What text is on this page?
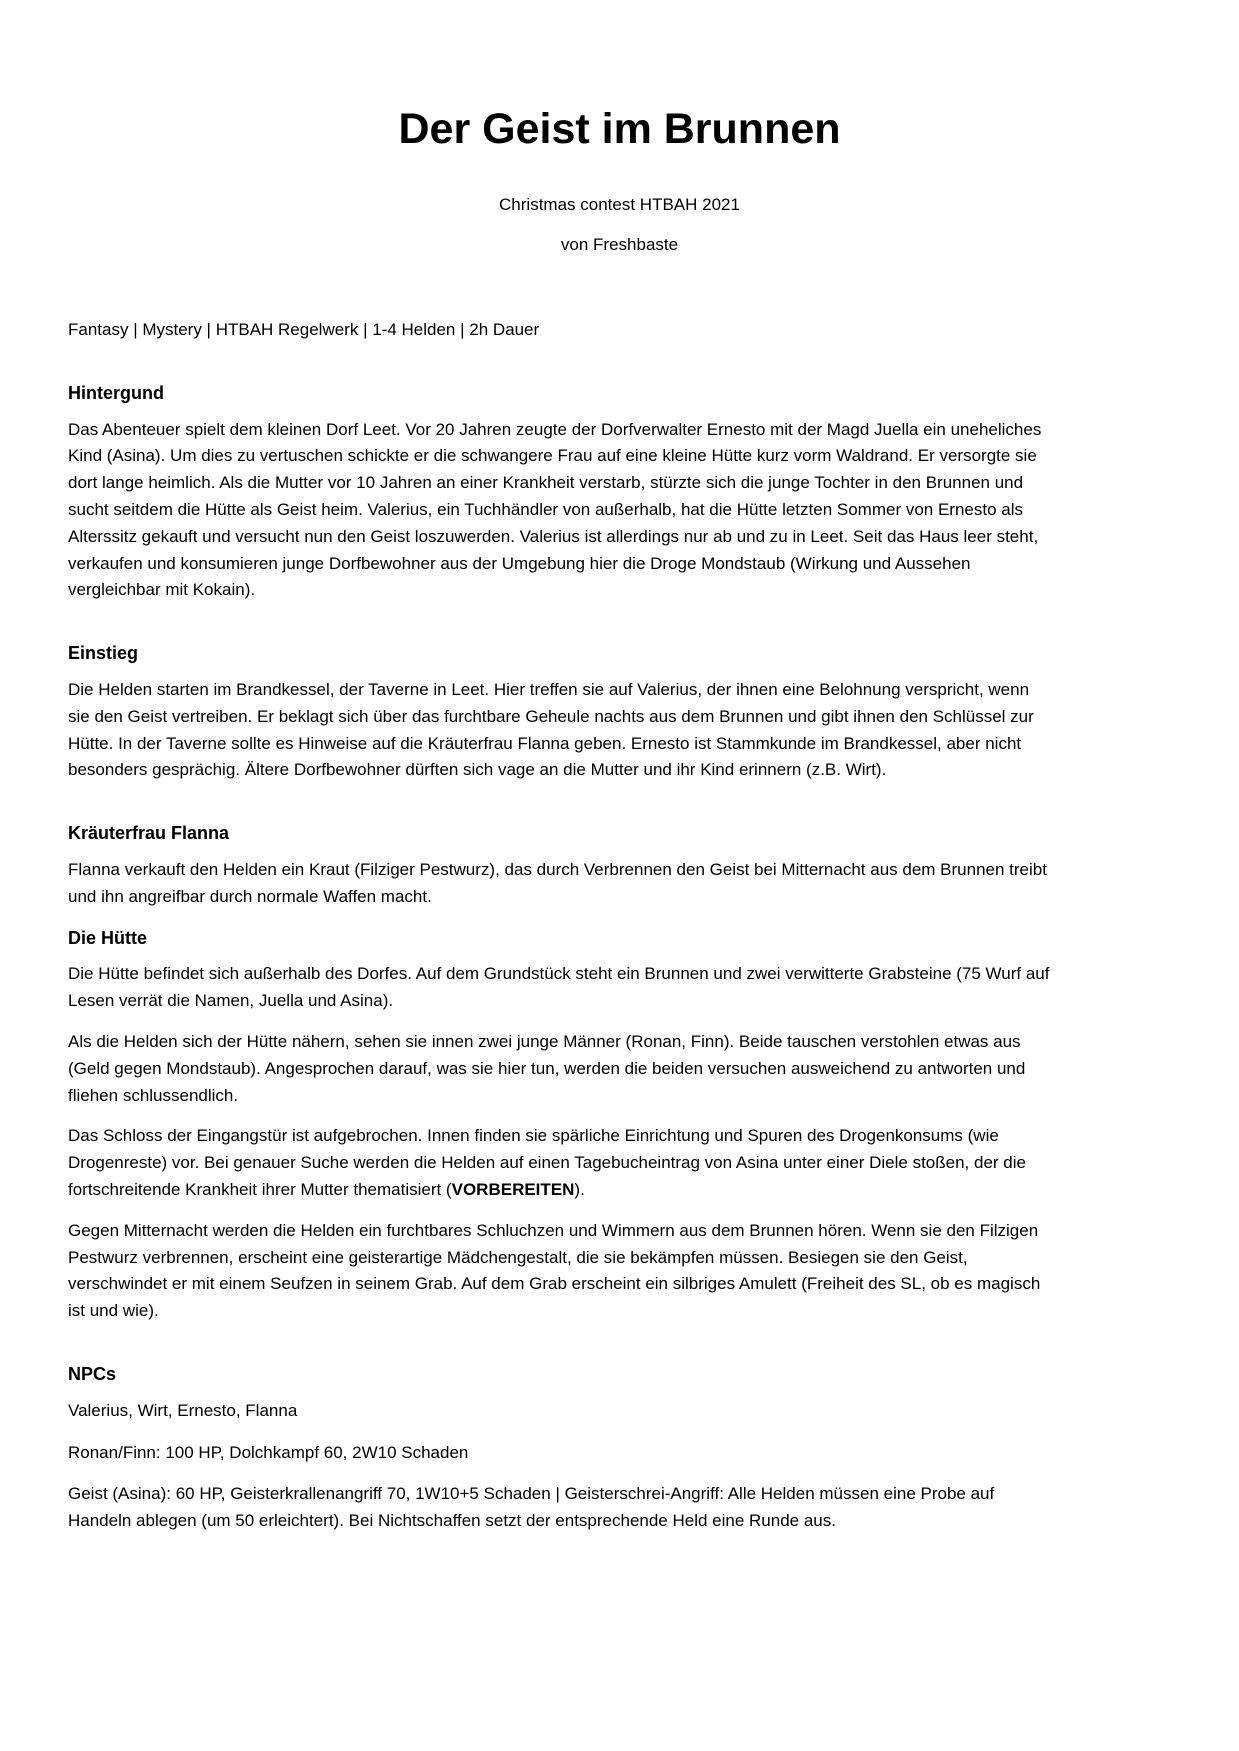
Der Geist im Brunnen

Christmas contest HTBAH 2021

von Freshbaste

Fantasy | Mystery | HTBAH Regelwerk | 1-4 Helden | 2h Dauer

Hintergund

Das Abenteuer spielt dem kleinen Dorf Leet. Vor 20 Jahren zeugte der Dorfverwalter Ernesto mit der Magd Juella ein uneheliches Kind (Asina). Um dies zu vertuschen schickte er die schwangere Frau auf eine kleine Hütte kurz vorm Waldrand. Er versorgte sie dort lange heimlich. Als die Mutter vor 10 Jahren an einer Krankheit verstarb, stürzte sich die junge Tochter in den Brunnen und sucht seitdem die Hütte als Geist heim. Valerius, ein Tuchhändler von außerhalb, hat die Hütte letzten Sommer von Ernesto als Alterssitz gekauft und versucht nun den Geist loszuwerden. Valerius ist allerdings nur ab und zu in Leet. Seit das Haus leer steht, verkaufen und konsumieren junge Dorfbewohner aus der Umgebung hier die Droge Mondstaub (Wirkung und Aussehen vergleichbar mit Kokain).

Einstieg

Die Helden starten im Brandkessel, der Taverne in Leet. Hier treffen sie auf Valerius, der ihnen eine Belohnung verspricht, wenn sie den Geist vertreiben. Er beklagt sich über das furchtbare Geheule nachts aus dem Brunnen und gibt ihnen den Schlüssel zur Hütte. In der Taverne sollte es Hinweise auf die Kräuterfrau Flanna geben. Ernesto ist Stammkunde im Brandkessel, aber nicht besonders gesprächig. Ältere Dorfbewohner dürften sich vage an die Mutter und ihr Kind erinnern (z.B. Wirt).

Kräuterfrau Flanna

Flanna verkauft den Helden ein Kraut (Filziger Pestwurz), das durch Verbrennen den Geist bei Mitternacht aus dem Brunnen treibt und ihn angreifbar durch normale Waffen macht.

Die Hütte

Die Hütte befindet sich außerhalb des Dorfes. Auf dem Grundstück steht ein Brunnen und zwei verwitterte Grabsteine (75 Wurf auf Lesen verrät die Namen, Juella und Asina).

Als die Helden sich der Hütte nähern, sehen sie innen zwei junge Männer (Ronan, Finn). Beide tauschen verstohlen etwas aus (Geld gegen Mondstaub). Angesprochen darauf, was sie hier tun, werden die beiden versuchen ausweichend zu antworten und fliehen schlussendlich.

Das Schloss der Eingangstür ist aufgebrochen. Innen finden sie spärliche Einrichtung und Spuren des Drogenkonsums (wie Drogenreste) vor. Bei genauer Suche werden die Helden auf einen Tagebucheintrag von Asina unter einer Diele stoßen, der die fortschreitende Krankheit ihrer Mutter thematisiert (VORBEREITEN).

Gegen Mitternacht werden die Helden ein furchtbares Schluchzen und Wimmern aus dem Brunnen hören. Wenn sie den Filzigen Pestwurz verbrennen, erscheint eine geisterartige Mädchengestalt, die sie bekämpfen müssen. Besiegen sie den Geist, verschwindet er mit einem Seufzen in seinem Grab. Auf dem Grab erscheint ein silbriges Amulett (Freiheit des SL, ob es magisch ist und wie).

NPCs

Valerius, Wirt, Ernesto, Flanna

Ronan/Finn: 100 HP, Dolchkampf 60, 2W10 Schaden

Geist (Asina): 60 HP, Geisterkrallenangriff 70, 1W10+5 Schaden | Geisterschrei-Angriff: Alle Helden müssen eine Probe auf Handeln ablegen (um 50 erleichtert). Bei Nichtschaffen setzt der entsprechende Held eine Runde aus.
